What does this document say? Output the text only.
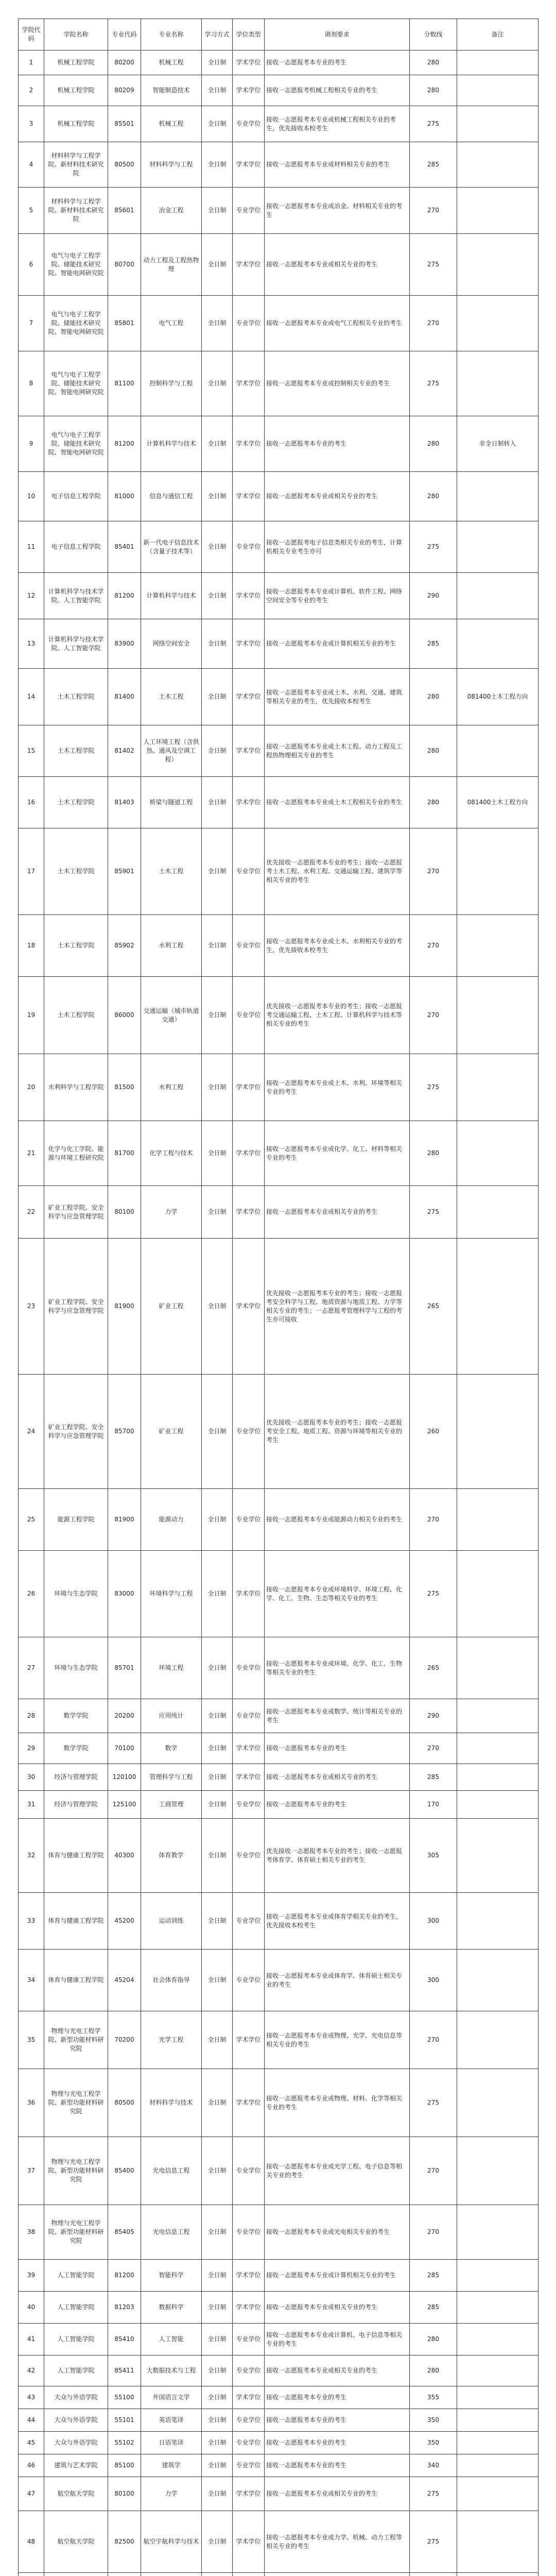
学院代码	学院名称	专业代码	专业名称	学习方式	学位类型	调剂要求	分数线	备注
1	机械工程学院	80200	机械工程	全日制	学术学位	接收一志愿报考本专业的考生	280	
2	机械工程学院	80209	智能制造技术	全日制	学术学位	接收一志愿报考机械工程相关专业的考生	280	
3	机械工程学院	85501	机械工程	全日制	专业学位	接收一志愿报考本专业或机械工程相关专业的考生，优先接收本校考生	275	
4	材料科学与工程学院、新材料技术研究院	80500	材料科学与工程	全日制	学术学位	接收一志愿报考本专业或材料相关专业的考生	285	
5	材料科学与工程学院、新材料技术研究院	85601	冶金工程	全日制	专业学位	接收一志愿报考本专业或冶金、材料相关专业的考生	270	
6	电气与电子工程学院、储能技术研究院、智能电网研究院	80700	动力工程及工程热物理	全日制	学术学位	接收一志愿报考本专业或相关专业的考生	275	
7	电气与电子工程学院、储能技术研究院、智能电网研究院	85801	电气工程	全日制	专业学位	接收一志愿报考本专业或电气工程相关专业的考生	270	
8	电气与电子工程学院、储能技术研究院、智能电网研究院	81100	控制科学与工程	全日制	学术学位	接收一志愿报考本专业或控制相关专业的考生	275	
9	电气与电子工程学院、储能技术研究院、智能电网研究院	81200	计算机科学与技术	全日制	学术学位	接收一志愿报考本专业的考生	280	非全日制转入
10	电子信息工程学院	81000	信息与通信工程	全日制	学术学位	接收一志愿报考本专业或相关专业的考生	280	
11	电子信息工程学院	85401	新一代电子信息技术（含量子技术等）	全日制	专业学位	接收一志愿报考电子信息类相关专业的考生，计算机相关专业考生亦可	275	
12	计算机科学与技术学院、人工智能学院	81200	计算机科学与技术	全日制	学术学位	接收一志愿报考本专业或计算机、软件工程、网络空间安全等专业的考生	290	
13	计算机科学与技术学院、人工智能学院	83900	网络空间安全	全日制	学术学位	接收一志愿报考本专业或计算机相关专业的考生	285	
14	土木工程学院	81400	土木工程	全日制	学术学位	接收一志愿报考本专业或土木、水利、交通、建筑等相关专业的考生，优先接收本校考生	280	081400土木工程方向
15	土木工程学院	81402	人工环境工程（含供热、通风及空调工程）	全日制	学术学位	接收一志愿报考本专业或土木工程、动力工程及工程热物理相关专业的考生	280	
16	土木工程学院	81403	桥梁与隧道工程	全日制	学术学位	接收一志愿报考本专业或土木工程相关专业的考生	280	081400土木工程方向
17	土木工程学院	85901	土木工程	全日制	专业学位	优先接收一志愿报考本专业的考生；接收一志愿报考土木工程、水利工程、交通运输工程、建筑学等相关专业的考生	270	
18	土木工程学院	85902	水利工程	全日制	专业学位	接收一志愿报考本专业或土木、水利相关专业的考生，优先接收本校考生	270	
19	土木工程学院	86000	交通运输（城市轨道交通）	全日制	专业学位	优先接收一志愿报考本专业的考生；接收一志愿报考交通运输工程、土木工程、计算机科学与技术等相关专业的考生	270	
20	水利科学与工程学院	81500	水利工程	全日制	学术学位	接收一志愿报考本专业或土木、水利、环境等相关专业的考生	275	
21	化学与化工学院、能源与环境工程研究院	81700	化学工程与技术	全日制	学术学位	接收一志愿报考本专业或化学、化工、材料等相关专业的考生	280	
22	矿业工程学院、安全科学与应急管理学院	80100	力学	全日制	学术学位	接收一志愿报考本专业或相关专业的考生	275	
23	矿业工程学院、安全科学与应急管理学院	81900	矿业工程	全日制	学术学位	优先接收一志愿报考本专业的考生；接收一志愿报考安全科学与工程、地质资源与地质工程、力学等相关专业的考生；一志愿报考管理科学与工程的考生亦可接收	265	
24	矿业工程学院、安全科学与应急管理学院	85700	矿业工程	全日制	专业学位	优先接收一志愿报考本专业的考生；接收一志愿报考安全工程、地质工程、资源与环境等相关专业的考生	260	
25	能源工程学院	81900	能源动力	全日制	专业学位	接收一志愿报考本专业或能源动力相关专业的考生	270	
26	环境与生态学院	83000	环境科学与工程	全日制	学术学位	接收一志愿报考本专业或环境科学、环境工程、化学、化工、生物、生态等相关专业的考生	275	
27	环境与生态学院	85701	环境工程	全日制	专业学位	接收一志愿报考本专业或环境、化学、化工、生物等相关专业的考生	265	
28	数学学院	20200	应用统计	全日制	专业学位	接收一志愿报考本专业或数学、统计等相关专业的考生	290	
29	数学学院	70100	数学	全日制	学术学位	接收一志愿报考本专业的考生	270	
30	经济与管理学院	120100	管理科学与工程	全日制	学术学位	接收一志愿报考本专业或相关专业的考生	285	
31	经济与管理学院	125100	工商管理	全日制	专业学位	接收一志愿报考本专业的考生	170	
32	体育与健康工程学院	40300	体育教学	全日制	专业学位	优先接收一志愿报考本专业的考生；接收一志愿报考体育学、体育硕士相关专业的考生	305	
33	体育与健康工程学院	45200	运动训练	全日制	专业学位	接收一志愿报考本专业或体育学相关专业的考生，优先接收本校考生	300	
34	体育与健康工程学院	45204	社会体育指导	全日制	专业学位	接收一志愿报考本专业或体育学、体育硕士相关专业的考生	300	
35	物理与光电工程学院、新型功能材料研究院	70200	光学工程	全日制	学术学位	接收一志愿报考本专业或物理、光学、光电信息等相关专业的考生	270	
36	物理与光电工程学院、新型功能材料研究院	80500	材料科学与技术	全日制	学术学位	接收一志愿报考本专业或物理、材料、化学等相关专业的考生	275	
37	物理与光电工程学院、新型功能材料研究院	85400	光电信息工程	全日制	专业学位	接收一志愿报考本专业或光学工程、电子信息等相关专业的考生	270	
38	物理与光电工程学院、新型功能材料研究院	85405	光电信息工程	全日制	专业学位	接收一志愿报考本专业或光电相关专业的考生	270	
39	人工智能学院	81200	智能科学	全日制	学术学位	接收一志愿报考本专业或计算机相关专业的考生	285	
40	人工智能学院	81203	数据科学	全日制	学术学位	接收一志愿报考本专业或相关专业的考生	285	
41	人工智能学院	85410	人工智能	全日制	专业学位	接收一志愿报考本专业或计算机、电子信息等相关专业的考生	280	
42	人工智能学院	85411	大数据技术与工程	全日制	专业学位	接收一志愿报考本专业或相关专业的考生	280	
43	大众与外语学院	55100	外国语言文学	全日制	学术学位	接收一志愿报考本专业的考生	355	
44	大众与外语学院	55101	英语笔译	全日制	专业学位	接收一志愿报考本专业的考生	350	
45	大众与外语学院	55102	日语笔译	全日制	专业学位	接收一志愿报考本专业的考生	350	
46	建筑与艺术学院	85100	建筑学	全日制	专业学位	接收一志愿报考本专业的考生	340	
47	航空航天学院	80100	力学	全日制	学术学位	接收一志愿报考本专业或相关专业的考生	275	
48	航空航天学院	82500	航空宇航科学与技术	全日制	学术学位	接收一志愿报考本专业或力学、机械、动力工程等相关专业的考生	275	
